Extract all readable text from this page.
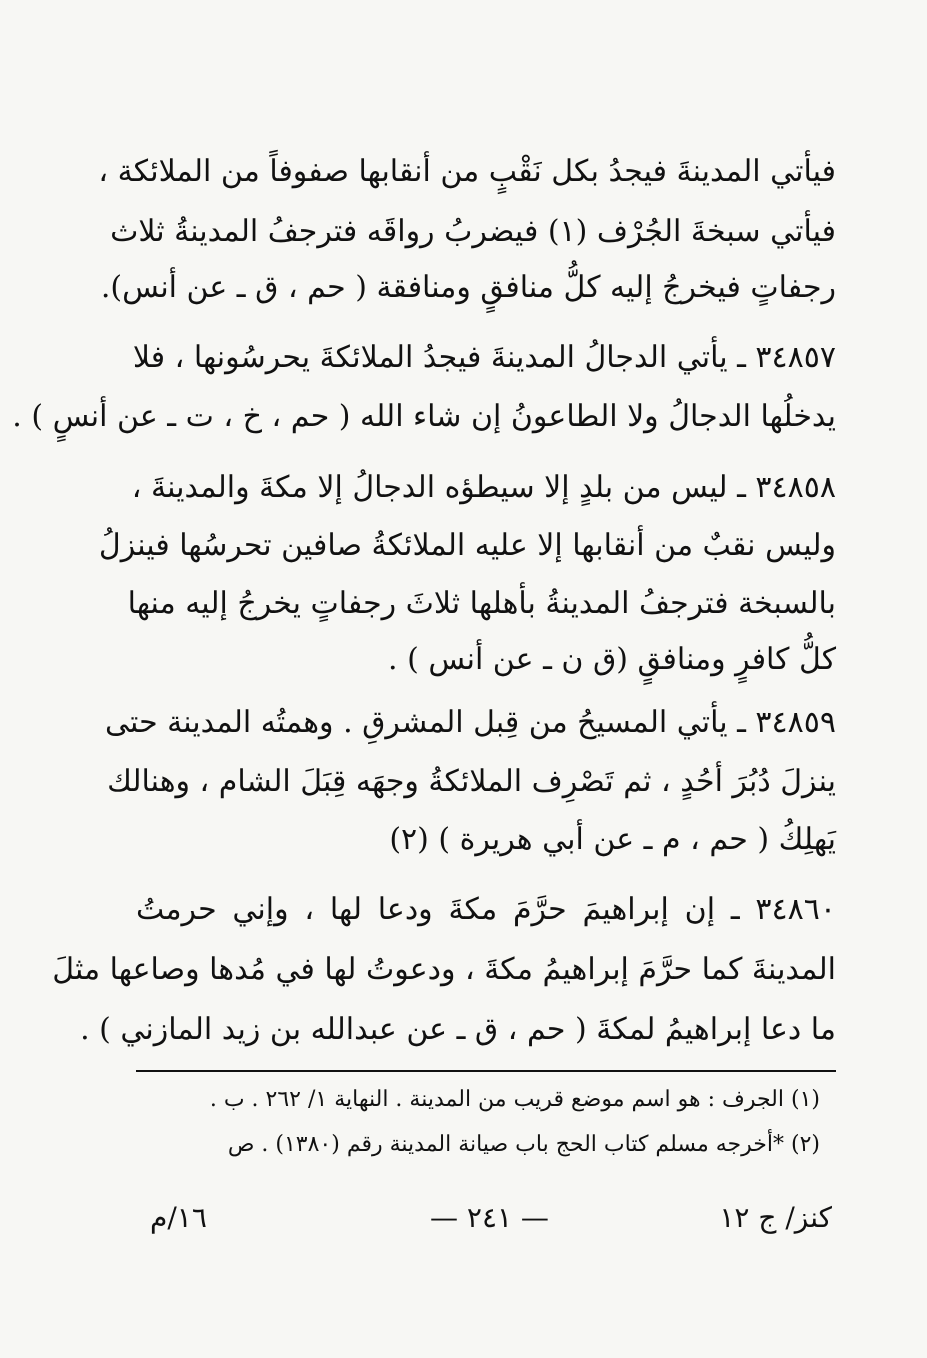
فيأتي المدينةَ فيجدُ بكل نَقْبٍ من أنقابها صفوفاً من الملائكة ،
فيأتي سبخةَ الجُرْف (١) فيضربُ رواقَه فترجفُ المدينةُ ثلاث
رجفاتٍ فيخرجُ إليه كلُّ منافقٍ ومنافقة ( حم ، ق ـ عن أنس).
٣٤٨٥٧ ـ يأتي الدجالُ المدينةَ فيجدُ الملائكةَ يحرسُونها ، فلا
يدخلُها الدجالُ ولا الطاعونُ إن شاء الله ( حم ، خ ، ت ـ عن أنسٍ ) .
٣٤٨٥٨ ـ ليس من بلدٍ إلا سيطؤه الدجالُ إلا مكةَ والمدينةَ ،
وليس نقبٌ من أنقابها إلا عليه الملائكةُ صافين تحرسُها فينزلُ
بالسبخة فترجفُ المدينةُ بأهلها ثلاثَ رجفاتٍ يخرجُ إليه منها
كلُّ كافرٍ ومنافقٍ (ق ن ـ عن أنس ) .
٣٤٨٥٩ ـ يأتي المسيحُ من قِبل المشرقِ . وهمتُه المدينة حتى
ينزلَ دُبُرَ أحُدٍ ، ثم تَصْرِف الملائكةُ وجهَه قِبَلَ الشام ، وهنالك
يَهلِكُ ( حم ، م ـ عن أبي هريرة ) (٢)
٣٤٨٦٠ ـ إن إبراهيمَ حرَّمَ مكةَ ودعا لها ، وإني حرمتُ
المدينةَ كما حرَّمَ إبراهيمُ مكةَ ، ودعوتُ لها في مُدها وصاعها مثلَ
ما دعا إبراهيمُ لمكةَ ( حم ، ق ـ عن عبدالله بن زيد المازني ) .
(١) الجرف : هو اسم موضع قريب من المدينة . النهاية ١/ ٢٦٢ . ب .
(٢) *أخرجه مسلم كتاب الحج باب صيانة المدينة رقم (١٣٨٠) . ص
كنز/ ج ١٢
— ٢٤١ —
١٦/م
